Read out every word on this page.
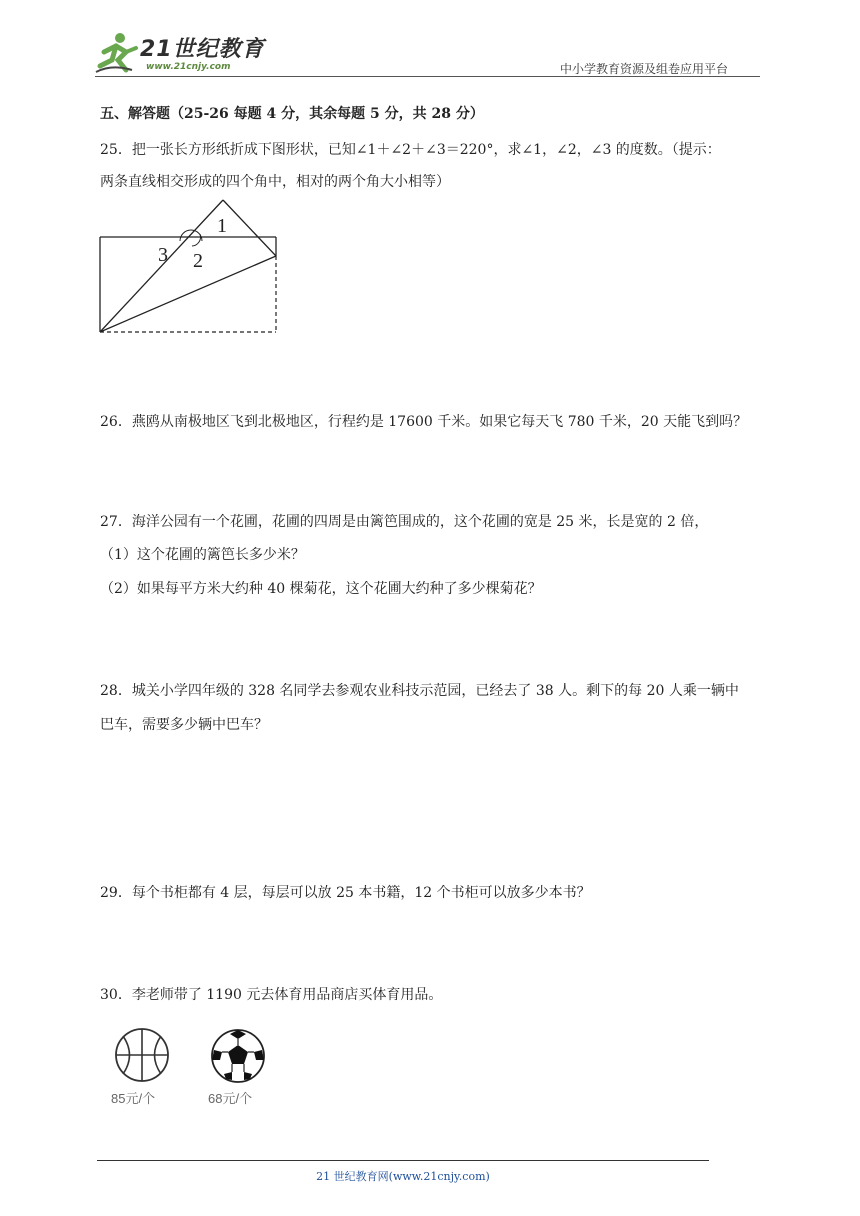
21世纪教育
www.21cnjy.com	中小学教育资源及组卷应用平台
五、解答题（25-26 每题 4 分，其余每题 5 分，共 28 分）
25．把一张长方形纸折成下图形状，已知∠1＋∠2＋∠3＝220°，求∠1，∠2，∠3 的度数。（提示：
两条直线相交形成的四个角中，相对的两个角大小相等）
1
2
3
26．燕鸥从南极地区飞到北极地区，行程约是 17600 千米。如果它每天飞 780 千米，20 天能飞到吗？
27．海洋公园有一个花圃，花圃的四周是由篱笆围成的，这个花圃的宽是 25 米，长是宽的 2 倍，
（1）这个花圃的篱笆长多少米？
（2）如果每平方米大约种 40 棵菊花，这个花圃大约种了多少棵菊花？
28．城关小学四年级的 328 名同学去参观农业科技示范园，已经去了 38 人。剩下的每 20 人乘一辆中
巴车，需要多少辆中巴车？
29．每个书柜都有 4 层，每层可以放 25 本书籍，12 个书柜可以放多少本书？
30．李老师带了 1190 元去体育用品商店买体育用品。
85元/个	68元/个
21 世纪教育网(www.21cnjy.com)
